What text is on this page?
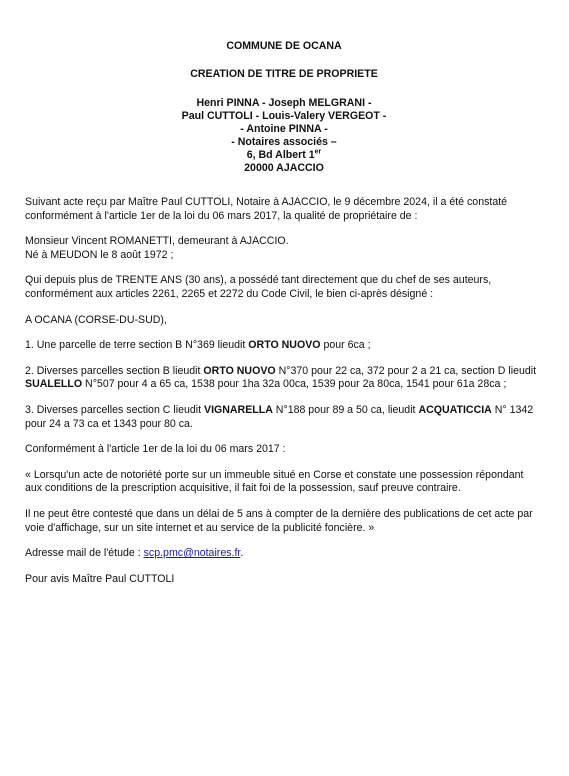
COMMUNE DE OCANA
CREATION DE TITRE DE PROPRIETE
Henri PINNA - Joseph MELGRANI -
Paul CUTTOLI - Louis-Valery VERGEOT -
- Antoine PINNA -
- Notaires associés –
6, Bd Albert 1er
20000 AJACCIO

Suivant acte reçu par Maître Paul CUTTOLI, Notaire à AJACCIO, le 9 décembre 2024, il a été constaté conformément à l'article 1er de la loi du 06 mars 2017, la qualité de propriétaire de :

Monsieur Vincent ROMANETTI, demeurant à AJACCIO.
Né à MEUDON le 8 août 1972 ;

Qui depuis plus de TRENTE ANS (30 ans), a possédé tant directement que du chef de ses auteurs, conformément aux articles 2261, 2265 et 2272 du Code Civil, le bien ci-après désigné :

A OCANA (CORSE-DU-SUD),

1. Une parcelle de terre section B N°369 lieudit ORTO NUOVO pour 6ca ;

2. Diverses parcelles section B lieudit ORTO NUOVO N°370 pour 22 ca, 372 pour 2 a 21 ca, section D lieudit SUALELLO N°507 pour 4 a 65 ca, 1538 pour 1ha 32a 00ca, 1539 pour 2a 80ca, 1541 pour 61a 28ca ;

3. Diverses parcelles section C lieudit VIGNARELLA N°188 pour 89 a 50 ca, lieudit ACQUATICCIA N° 1342 pour 24 a 73 ca et 1343 pour 80 ca.

Conformément à l'article 1er de la loi du 06 mars 2017 :

« Lorsqu'un acte de notoriété porte sur un immeuble situé en Corse et constate une possession répondant aux conditions de la prescription acquisitive, il fait foi de la possession, sauf preuve contraire.

Il ne peut être contesté que dans un délai de 5 ans à compter de la dernière des publications de cet acte par voie d'affichage, sur un site internet et au service de la publicité foncière. »

Adresse mail de l'étude : scp.pmc@notaires.fr.

Pour avis Maître Paul CUTTOLI
